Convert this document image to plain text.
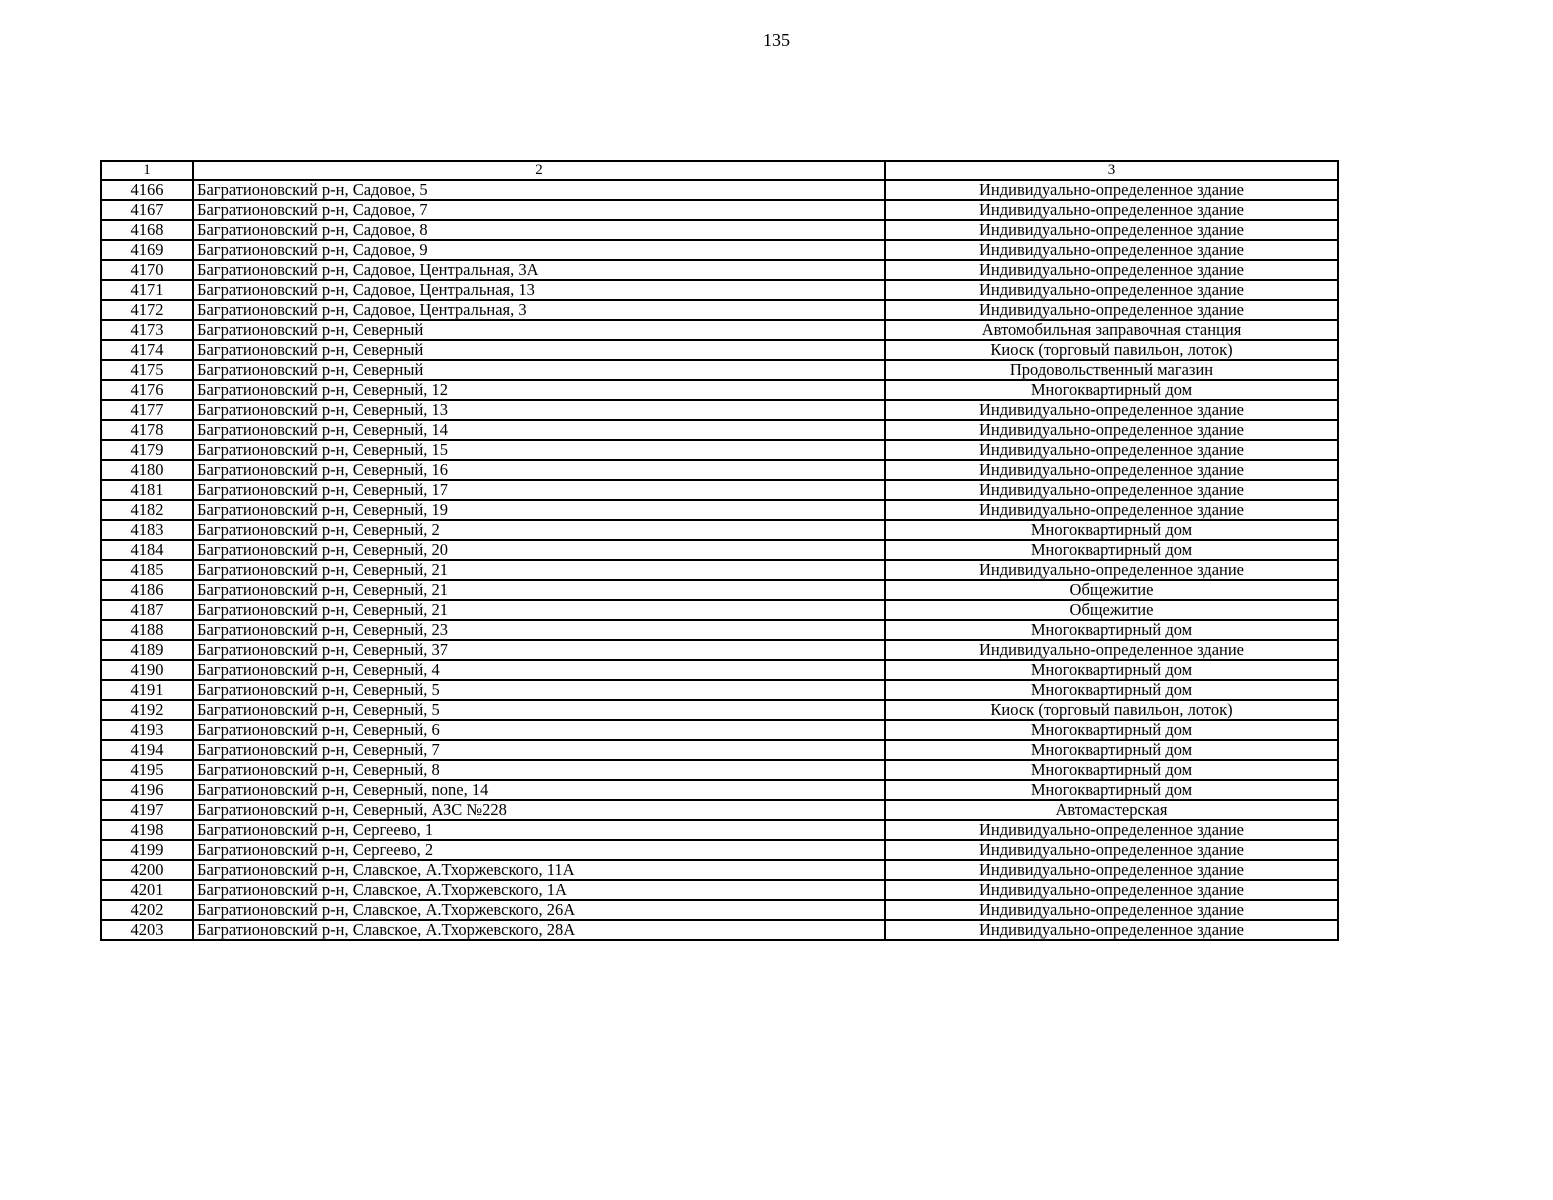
135
1	2	3
4166	Багратионовский р-н, Садовое, 5	Индивидуально-определенное здание
4167	Багратионовский р-н, Садовое, 7	Индивидуально-определенное здание
4168	Багратионовский р-н, Садовое, 8	Индивидуально-определенное здание
4169	Багратионовский р-н, Садовое, 9	Индивидуально-определенное здание
4170	Багратионовский р-н, Садовое, Центральная, 3А	Индивидуально-определенное здание
4171	Багратионовский р-н, Садовое, Центральная, 13	Индивидуально-определенное здание
4172	Багратионовский р-н, Садовое, Центральная, 3	Индивидуально-определенное здание
4173	Багратионовский р-н, Северный	Автомобильная заправочная станция
4174	Багратионовский р-н, Северный	Киоск (торговый павильон, лоток)
4175	Багратионовский р-н, Северный	Продовольственный магазин
4176	Багратионовский р-н, Северный, 12	Многоквартирный дом
4177	Багратионовский р-н, Северный, 13	Индивидуально-определенное здание
4178	Багратионовский р-н, Северный, 14	Индивидуально-определенное здание
4179	Багратионовский р-н, Северный, 15	Индивидуально-определенное здание
4180	Багратионовский р-н, Северный, 16	Индивидуально-определенное здание
4181	Багратионовский р-н, Северный, 17	Индивидуально-определенное здание
4182	Багратионовский р-н, Северный, 19	Индивидуально-определенное здание
4183	Багратионовский р-н, Северный, 2	Многоквартирный дом
4184	Багратионовский р-н, Северный, 20	Многоквартирный дом
4185	Багратионовский р-н, Северный, 21	Индивидуально-определенное здание
4186	Багратионовский р-н, Северный, 21	Общежитие
4187	Багратионовский р-н, Северный, 21	Общежитие
4188	Багратионовский р-н, Северный, 23	Многоквартирный дом
4189	Багратионовский р-н, Северный, 37	Индивидуально-определенное здание
4190	Багратионовский р-н, Северный, 4	Многоквартирный дом
4191	Багратионовский р-н, Северный, 5	Многоквартирный дом
4192	Багратионовский р-н, Северный, 5	Киоск (торговый павильон, лоток)
4193	Багратионовский р-н, Северный, 6	Многоквартирный дом
4194	Багратионовский р-н, Северный, 7	Многоквартирный дом
4195	Багратионовский р-н, Северный, 8	Многоквартирный дом
4196	Багратионовский р-н, Северный, none, 14	Многоквартирный дом
4197	Багратионовский р-н, Северный, АЗС №228	Автомастерская
4198	Багратионовский р-н, Сергеево, 1	Индивидуально-определенное здание
4199	Багратионовский р-н, Сергеево, 2	Индивидуально-определенное здание
4200	Багратионовский р-н, Славское, А.Тхоржевского, 11А	Индивидуально-определенное здание
4201	Багратионовский р-н, Славское, А.Тхоржевского, 1А	Индивидуально-определенное здание
4202	Багратионовский р-н, Славское, А.Тхоржевского, 26А	Индивидуально-определенное здание
4203	Багратионовский р-н, Славское, А.Тхоржевского, 28А	Индивидуально-определенное здание
